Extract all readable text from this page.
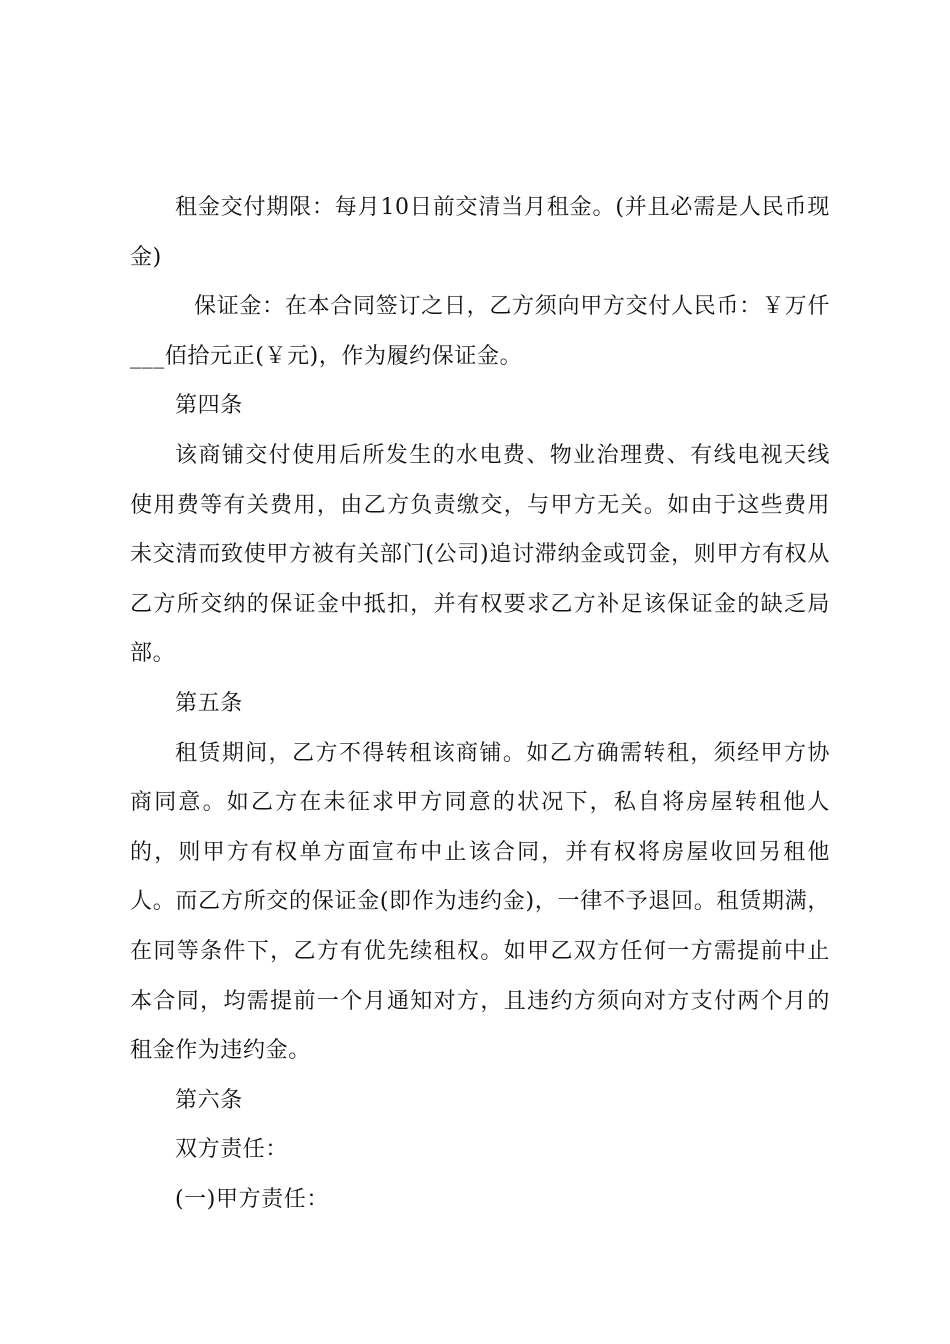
租金交付期限：每月10日前交清当月租金。(并且必需是人民币现金)

保证金：在本合同签订之日，乙方须向甲方交付人民币：￥万仟___佰拾元正(￥元)，作为履约保证金。

第四条

该商铺交付使用后所发生的水电费、物业治理费、有线电视天线使用费等有关费用，由乙方负责缴交，与甲方无关。如由于这些费用未交清而致使甲方被有关部门(公司)追讨滞纳金或罚金，则甲方有权从乙方所交纳的保证金中抵扣，并有权要求乙方补足该保证金的缺乏局部。

第五条

租赁期间，乙方不得转租该商铺。如乙方确需转租，须经甲方协商同意。如乙方在未征求甲方同意的状况下，私自将房屋转租他人的，则甲方有权单方面宣布中止该合同，并有权将房屋收回另租他人。而乙方所交的保证金(即作为违约金)，一律不予退回。租赁期满，在同等条件下，乙方有优先续租权。如甲乙双方任何一方需提前中止本合同，均需提前一个月通知对方，且违约方须向对方支付两个月的租金作为违约金。

第六条

双方责任：

(一)甲方责任：
